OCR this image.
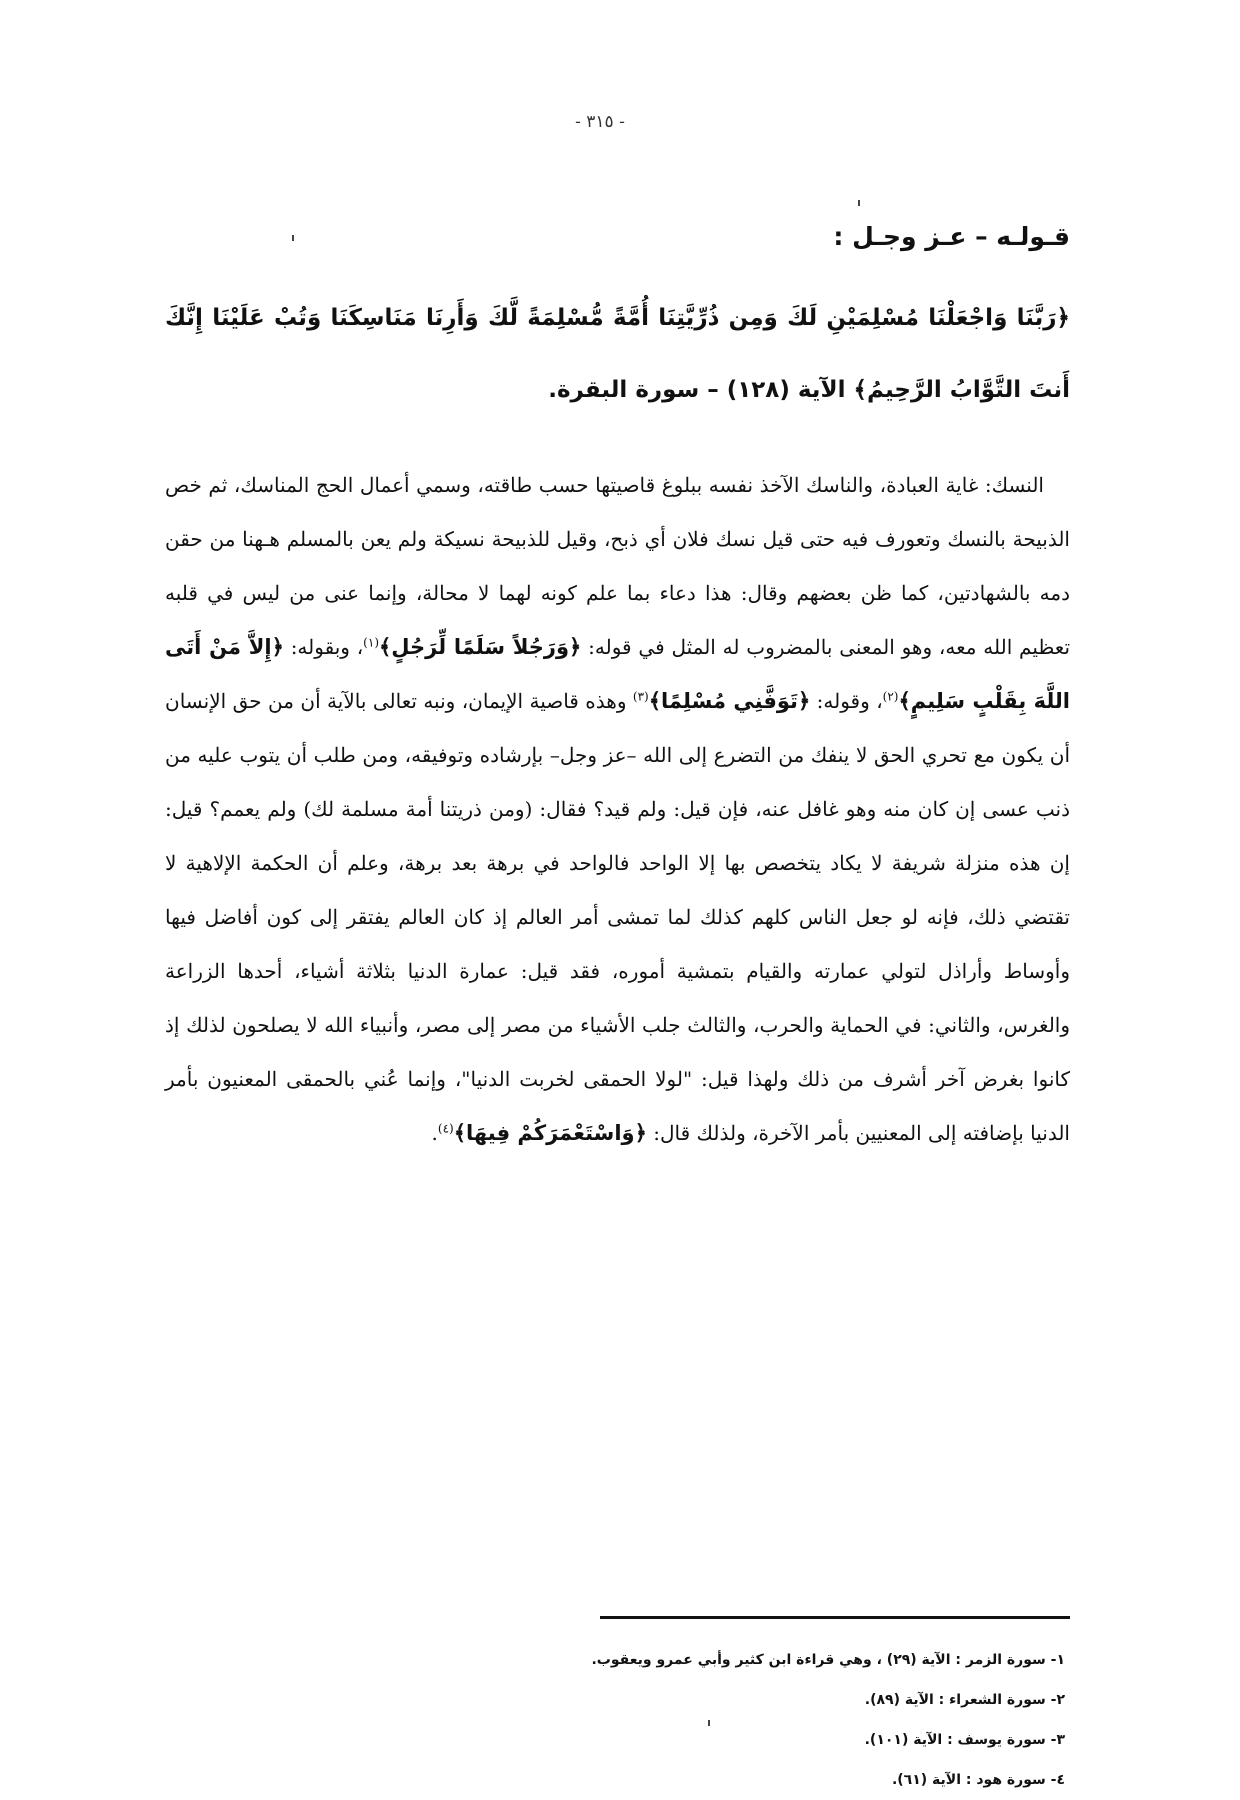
- ٣١٥ -
قـولـه – عـز وجـل :
﴿رَبَّنَا وَاجْعَلْنَا مُسْلِمَيْنِ لَكَ وَمِن ذُرِّيَّتِنَا أُمَّةً مُّسْلِمَةً لَّكَ وَأَرِنَا مَنَاسِكَنَا وَتُبْ عَلَيْنَا إِنَّكَ أَنتَ التَّوَّابُ الرَّحِيمُ﴾ الآية (١٢٨) – سورة البقرة.

النسك: غاية العبادة، والناسك الآخذ نفسه ببلوغ قاصيتها حسب طاقته، وسمي أعمال الحج المناسك، ثم خص الذبيحة بالنسك وتعورف فيه حتى قيل نسك فلان أي ذبح، وقيل للذبيحة نسيكة ولم يعن بالمسلم هـهنا من حقن دمه بالشهادتين، كما ظن بعضهم وقال: هذا دعاء بما علم كونه لهما لا محالة، وإنما عنى من ليس في قلبه تعظيم الله معه، وهو المعنى بالمضروب له المثل في قوله: ﴿وَرَجُلاً سَلَمًا لِّرَجُلٍ﴾$^{(١)}$، وبقوله: ﴿إِلاَّ مَنْ أَتَى اللَّهَ بِقَلْبٍ سَلِيمٍ﴾$^{(٢)}$، وقوله: ﴿تَوَفَّنِي مُسْلِمًا﴾$^{(٣)}$ وهذه قاصية الإيمان، ونبه تعالى بالآية أن من حق الإنسان أن يكون مع تحري الحق لا ينفك من التضرع إلى الله –عز وجل– بإرشاده وتوفيقه، ومن طلب أن يتوب عليه من ذنب عسى إن كان منه وهو غافل عنه، فإن قيل: ولم قيد؟ فقال: (ومن ذريتنا أمة مسلمة لك) ولم يعمم؟ قيل: إن هذه منزلة شريفة لا يكاد يتخصص بها إلا الواحد فالواحد في برهة بعد برهة، وعلم أن الحكمة الإلاهية لا تقتضي ذلك، فإنه لو جعل الناس كلهم كذلك لما تمشى أمر العالم إذ كان العالم يفتقر إلى كون أفاضل فيها وأوساط وأراذل لتولي عمارته والقيام بتمشية أموره، فقد قيل: عمارة الدنيا بثلاثة أشياء، أحدها الزراعة والغرس، والثاني: في الحماية والحرب، والثالث جلب الأشياء من مصر إلى مصر، وأنبياء الله لا يصلحون لذلك إذ كانوا بغرض آخر أشرف من ذلك ولهذا قيل: "لولا الحمقى لخربت الدنيا"، وإنما عُني بالحمقى المعنيون بأمر الدنيا بإضافته إلى المعنيين بأمر الآخرة، ولذلك قال: ﴿وَاسْتَعْمَرَكُمْ فِيهَا﴾$^{(٤)}$.

١- سورة الزمر : الآية (٢٩) ، وهي قراءة ابن كثير وأبي عمرو ويعقوب.
٢- سورة الشعراء : الآية (٨٩).
٣- سورة يوسف : الآية (١٠١).
٤- سورة هود : الآية (٦١).
